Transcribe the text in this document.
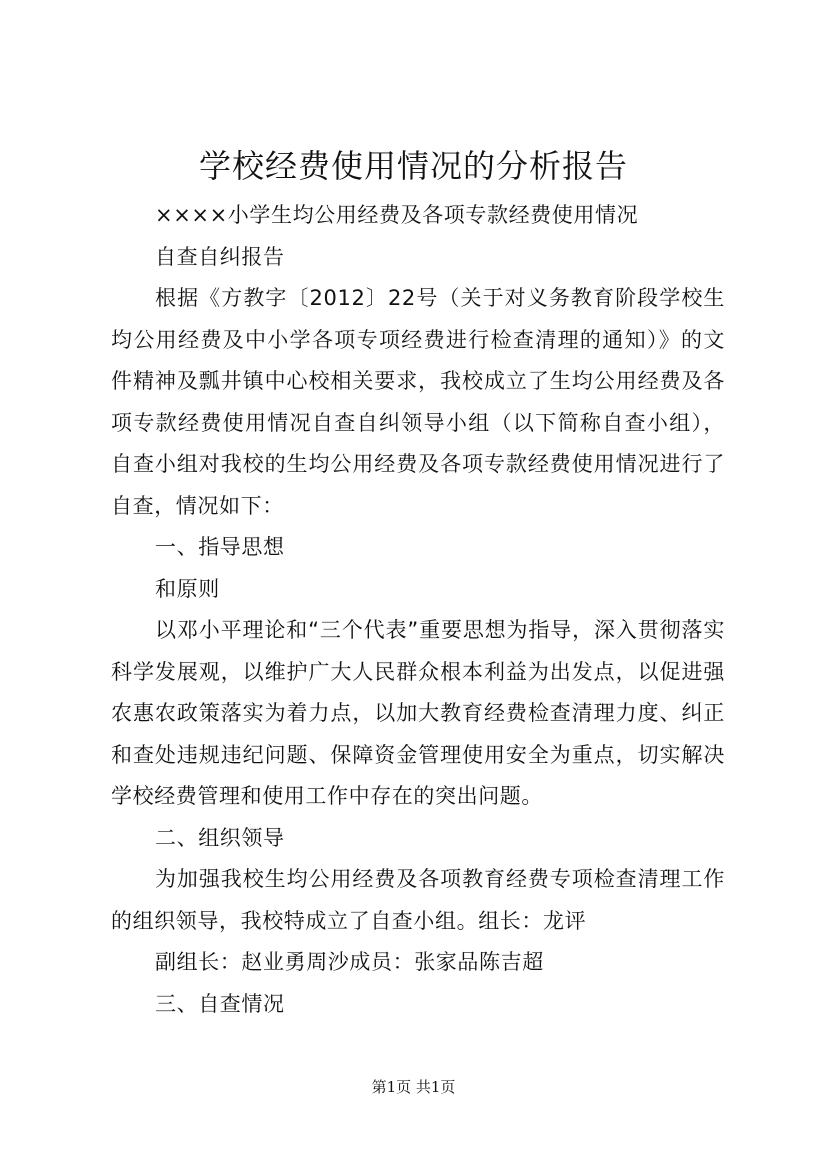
学校经费使用情况的分析报告

××××小学生均公用经费及各项专款经费使用情况

自查自纠报告

根据《方教字〔2012〕22号（关于对义务教育阶段学校生均公用经费及中小学各项专项经费进行检查清理的通知）》的文件精神及瓢井镇中心校相关要求，我校成立了生均公用经费及各项专款经费使用情况自查自纠领导小组（以下简称自查小组），自查小组对我校的生均公用经费及各项专款经费使用情况进行了自查，情况如下：

一、指导思想

和原则

以邓小平理论和“三个代表”重要思想为指导，深入贯彻落实科学发展观，以维护广大人民群众根本利益为出发点，以促进强农惠农政策落实为着力点，以加大教育经费检查清理力度、纠正和查处违规违纪问题、保障资金管理使用安全为重点，切实解决学校经费管理和使用工作中存在的突出问题。

二、组织领导

为加强我校生均公用经费及各项教育经费专项检查清理工作的组织领导，我校特成立了自查小组。组长：龙评

副组长：赵业勇周沙成员：张家品陈吉超

三、自查情况

第1页 共1页
